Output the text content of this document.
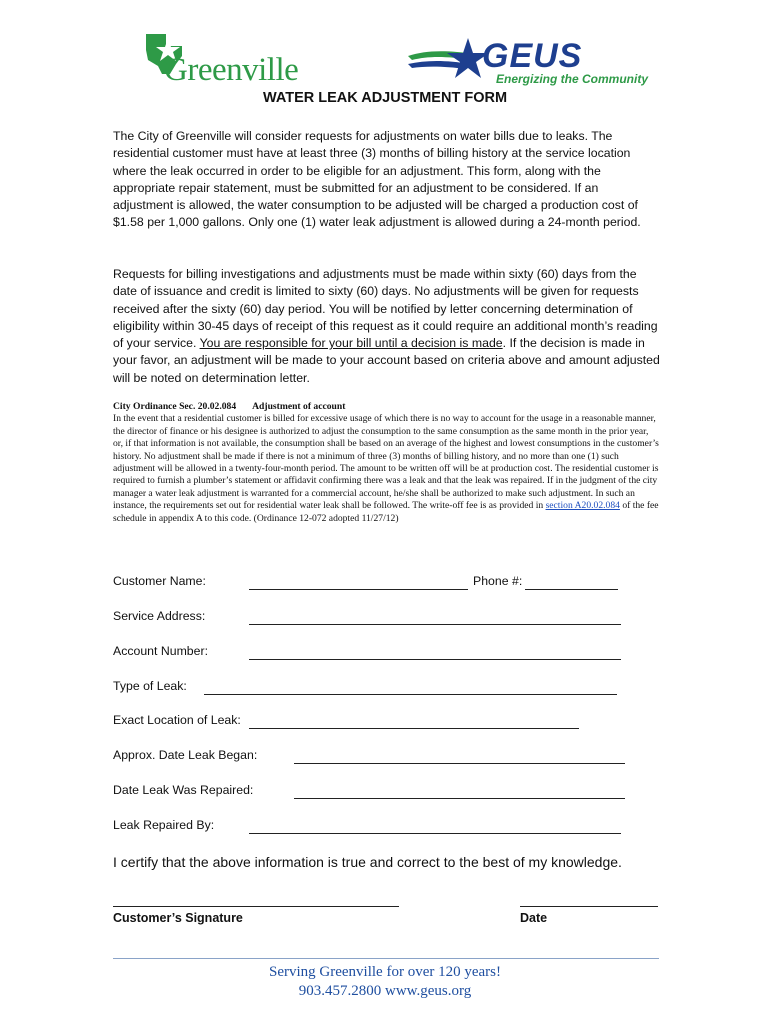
Greenville	GEUS
Energizing the Community
WATER LEAK ADJUSTMENT FORM

The City of Greenville will consider requests for adjustments on water bills due to leaks. The residential customer must have at least three (3) months of billing history at the service location where the leak occurred in order to be eligible for an adjustment. This form, along with the appropriate repair statement, must be submitted for an adjustment to be considered. If an adjustment is allowed, the water consumption to be adjusted will be charged a production cost of $1.58 per 1,000 gallons. Only one (1) water leak adjustment is allowed during a 24-month period.

Requests for billing investigations and adjustments must be made within sixty (60) days from the date of issuance and credit is limited to sixty (60) days. No adjustments will be given for requests received after the sixty (60) day period. You will be notified by letter concerning determination of eligibility within 30-45 days of receipt of this request as it could require an additional month’s reading of your service. You are responsible for your bill until a decision is made. If the decision is made in your favor, an adjustment will be made to your account based on criteria above and amount adjusted will be noted on determination letter.

City Ordinance Sec. 20.02.084 Adjustment of account
In the event that a residential customer is billed for excessive usage of which there is no way to account for the usage in a reasonable manner, the director of finance or his designee is authorized to adjust the consumption to the same consumption as the same month in the prior year, or, if that information is not available, the consumption shall be based on an average of the highest and lowest consumptions in the customer’s history. No adjustment shall be made if there is not a minimum of three (3) months of billing history, and no more than one (1) such adjustment will be allowed in a twenty-four-month period. The amount to be written off will be at production cost. The residential customer is required to furnish a plumber’s statement or affidavit confirming there was a leak and that the leak was repaired. If in the judgment of the city manager a water leak adjustment is warranted for a commercial account, he/she shall be authorized to make such adjustment. In such an instance, the requirements set out for residential water leak shall be followed. The write-off fee is as provided in section A20.02.084 of the fee schedule in appendix A to this code. (Ordinance 12-072 adopted 11/27/12)
Customer Name:	Phone #:
Service Address:
Account Number:
Type of Leak:
Exact Location of Leak:
Approx. Date Leak Began:
Date Leak Was Repaired:
Leak Repaired By:
I certify that the above information is true and correct to the best of my knowledge.
Customer’s Signature	Date
Serving Greenville for over 120 years!
903.457.2800 www.geus.org
